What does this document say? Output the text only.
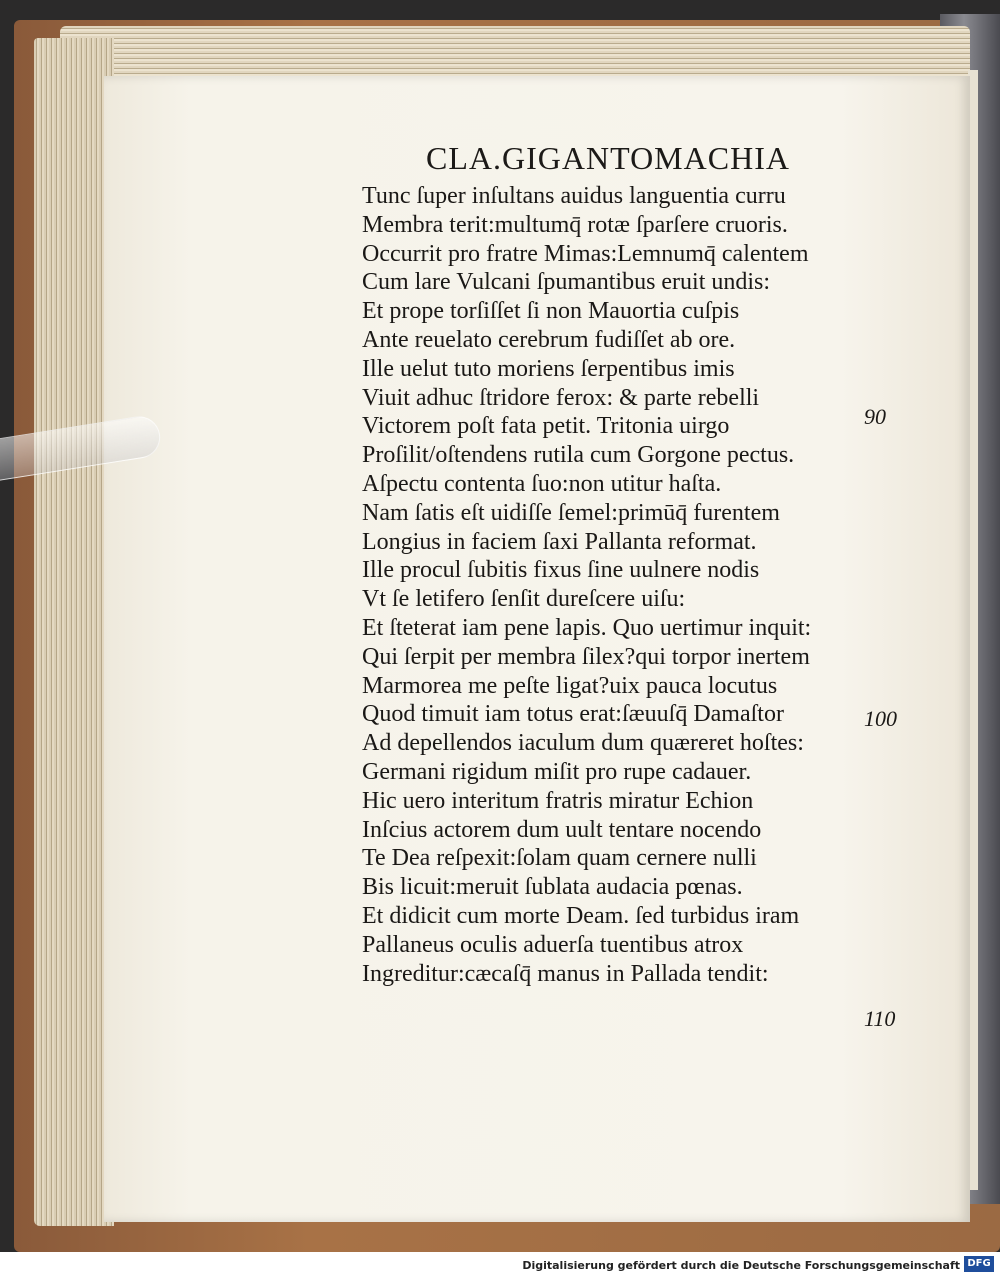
CLA.GIGANTOMACHIA
Tunc ſuper inſultans auidus languentia curru
Membra terit:multumq̄ rotæ ſparſere cruoris.
Occurrit pro fratre Mimas:Lemnumq̄ calentem
Cum lare Vulcani ſpumantibus eruit undis:
Et prope torſiſſet ſi non Mauortia cuſpis
Ante reuelato cerebrum fudiſſet ab ore.
Ille uelut tuto moriens ſerpentibus imis
Viuit adhuc ſtridore ferox: & parte rebelli
Victorem poſt fata petit. Tritonia uirgo
Proſilit/oſtendens rutila cum Gorgone pectus.
Aſpectu contenta ſuo:non utitur haſta.
Nam ſatis eſt uidiſſe ſemel:primūq̄ furentem
Longius in faciem ſaxi Pallanta reformat.
Ille procul ſubitis fixus ſine uulnere nodis
Vt ſe letifero ſenſit dureſcere uiſu:
Et ſteterat iam pene lapis. Quo uertimur inquit:
Qui ſerpit per membra ſilex?qui torpor inertem
Marmorea me peſte ligat?uix pauca locutus
Quod timuit iam totus erat:ſæuuſq̄ Damaſtor
Ad depellendos iaculum dum quæreret hoſtes:
Germani rigidum miſit pro rupe cadauer.
Hic uero interitum fratris miratur Echion
Inſcius actorem dum uult tentare nocendo
Te Dea reſpexit:ſolam quam cernere nulli
Bis licuit:meruit ſublata audacia pœnas.
Et didicit cum morte Deam. ſed turbidus iram
Pallaneus oculis aduerſa tuentibus atrox
Ingreditur:cæcaſq̄ manus in Pallada tendit:
90
100
110
Digitalisierung gefördert durch die Deutsche Forschungsgemeinschaft DFG
